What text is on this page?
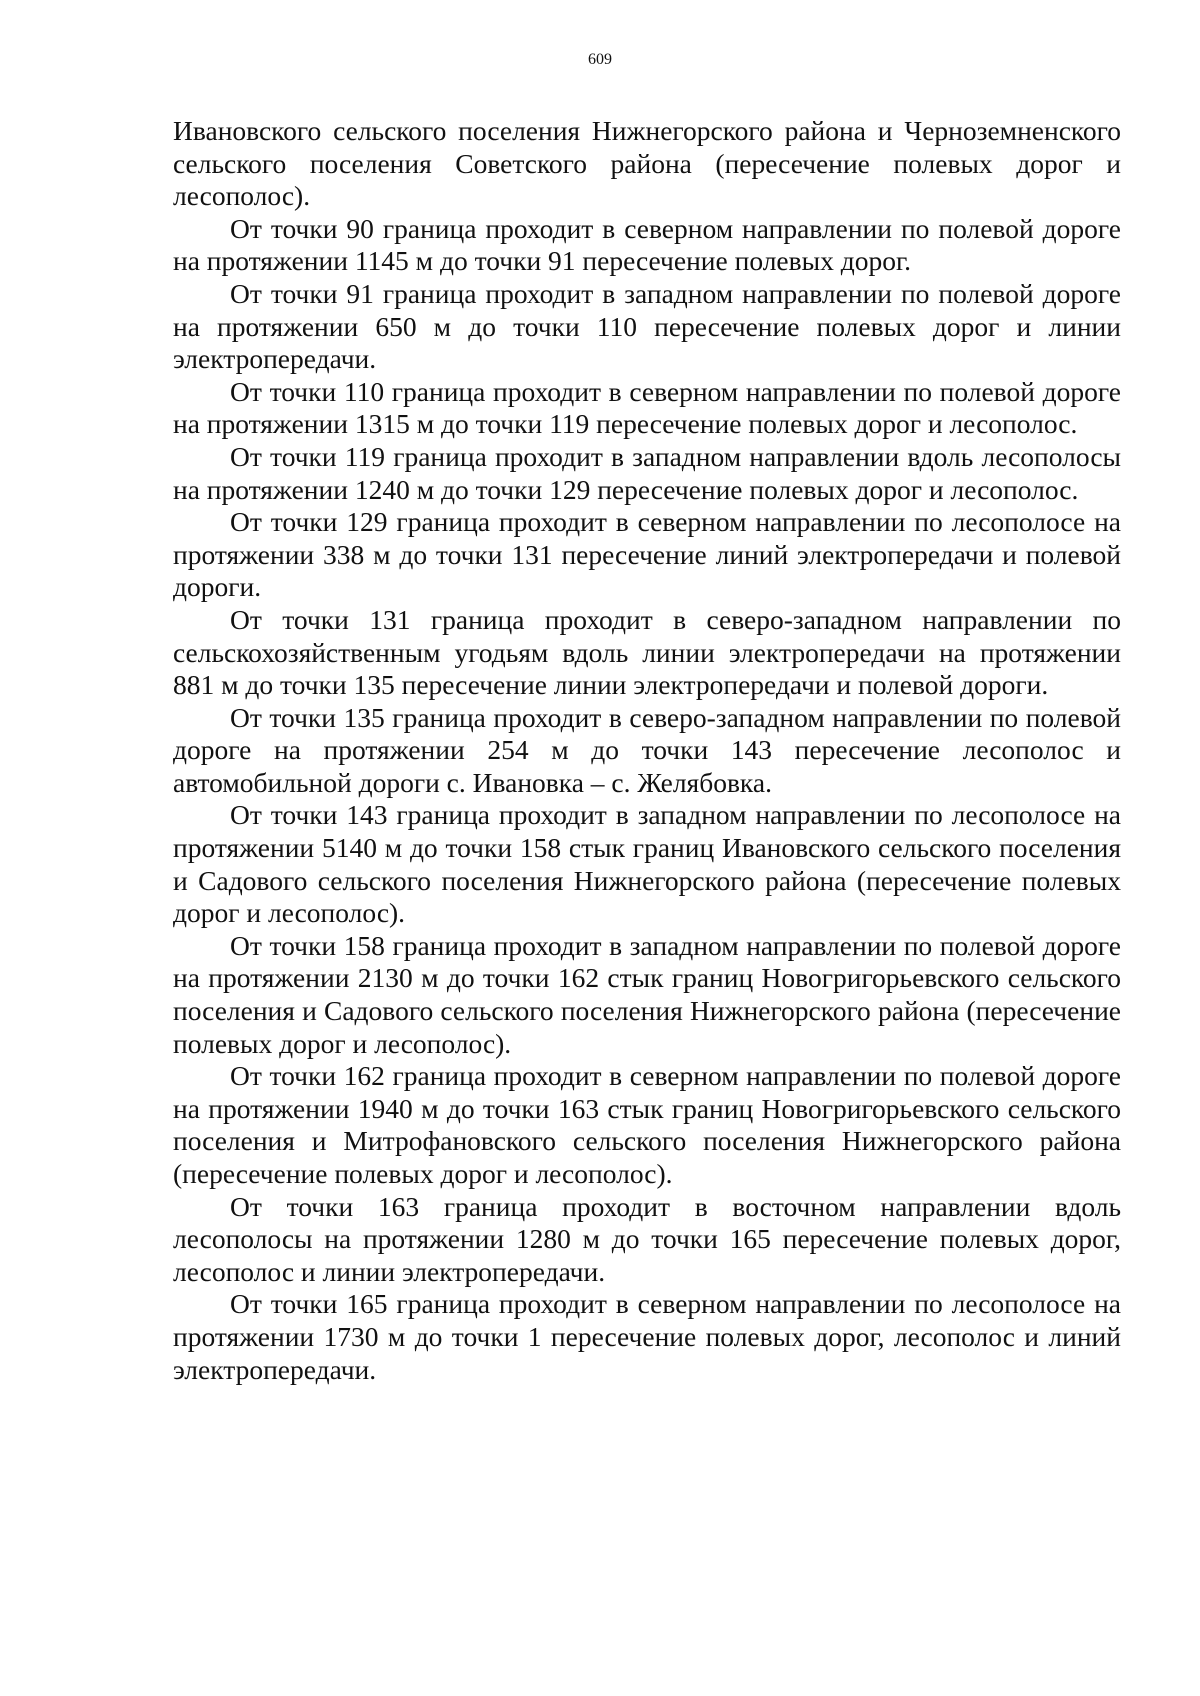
609

Ивановского сельского поселения Нижнегорского района и Черноземненского сельского поселения Советского района (пересечение полевых дорог и лесополос).

От точки 90 граница проходит в северном направлении по полевой дороге на протяжении 1145 м до точки 91 пересечение полевых дорог.

От точки 91 граница проходит в западном направлении по полевой дороге на протяжении 650 м до точки 110 пересечение полевых дорог и линии электропередачи.

От точки 110 граница проходит в северном направлении по полевой дороге на протяжении 1315 м до точки 119 пересечение полевых дорог и лесополос.

От точки 119 граница проходит в западном направлении вдоль лесополосы на протяжении 1240 м до точки 129 пересечение полевых дорог и лесополос.

От точки 129 граница проходит в северном направлении по лесополосе на протяжении 338 м до точки 131 пересечение линий электропередачи и полевой дороги.

От точки 131 граница проходит в северо-западном направлении по сельскохозяйственным угодьям вдоль линии электропередачи на протяжении 881 м до точки 135 пересечение линии электропередачи и полевой дороги.

От точки 135 граница проходит в северо-западном направлении по полевой дороге на протяжении 254 м до точки 143 пересечение лесополос и автомобильной дороги с. Ивановка – с. Желябовка.

От точки 143 граница проходит в западном направлении по лесополосе на протяжении 5140 м до точки 158 стык границ Ивановского сельского поселения и Садового сельского поселения Нижнегорского района (пересечение полевых дорог и лесополос).

От точки 158 граница проходит в западном направлении по полевой дороге на протяжении 2130 м до точки 162 стык границ Новогригорьевского сельского поселения и Садового сельского поселения Нижнегорского района (пересечение полевых дорог и лесополос).

От точки 162 граница проходит в северном направлении по полевой дороге на протяжении 1940 м до точки 163 стык границ Новогригорьевского сельского поселения и Митрофановского сельского поселения Нижнегорского района (пересечение полевых дорог и лесополос).

От точки 163 граница проходит в восточном направлении вдоль лесополосы на протяжении 1280 м до точки 165 пересечение полевых дорог, лесополос и линии электропередачи.

От точки 165 граница проходит в северном направлении по лесополосе на протяжении 1730 м до точки 1 пересечение полевых дорог, лесополос и линий электропередачи.
